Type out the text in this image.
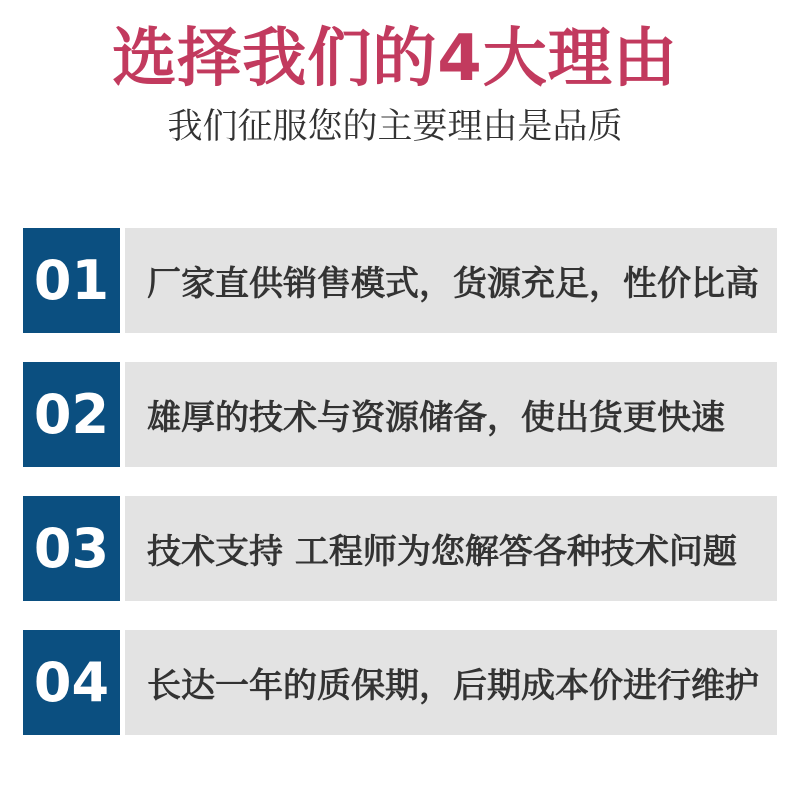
选择我们的4大理由
我们征服您的主要理由是品质
01	厂家直供销售模式，货源充足，性价比高
02	雄厚的技术与资源储备，使出货更快速
03	技术支持 工程师为您解答各种技术问题
04	长达一年的质保期，后期成本价进行维护
